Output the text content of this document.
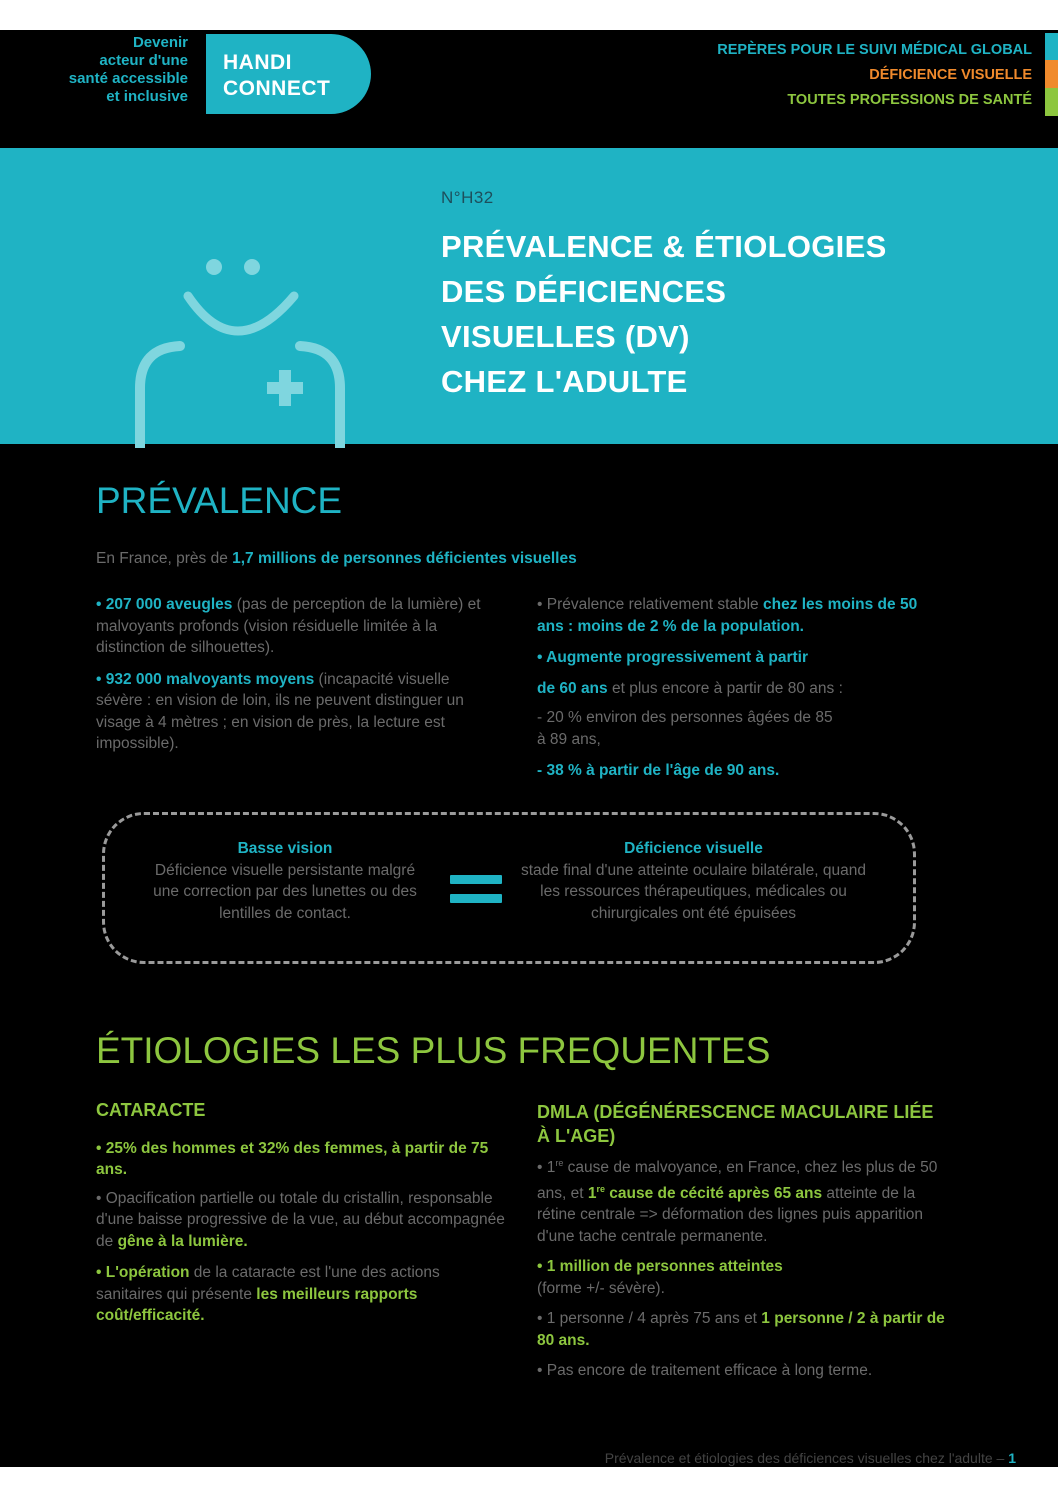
Devenir
acteur d'une
santé accessible
et inclusive
HANDI
CONNECT
REPÈRES POUR LE SUIVI MÉDICAL GLOBAL
DÉFICIENCE VISUELLE
TOUTES PROFESSIONS DE SANTÉ
N°H32
PRÉVALENCE & ÉTIOLOGIES
DES DÉFICIENCES
VISUELLES (DV)
CHEZ L'ADULTE
PRÉVALENCE
En France, près de 1,7 millions de personnes déficientes visuelles
• 207 000 aveugles (pas de perception de la lumière) et malvoyants profonds (vision résiduelle limitée à la distinction de silhouettes).
• 932 000 malvoyants moyens (incapacité visuelle sévère : en vision de loin, ils ne peuvent distinguer un visage à 4 mètres ; en vision de près, la lecture est impossible).
• Prévalence relativement stable chez les moins de 50 ans : moins de 2 % de la population.
• Augmente progressivement à partir
de 60 ans et plus encore à partir de 80 ans :
- 20 % environ des personnes âgées de 85 à 89 ans,
- 38 % à partir de l'âge de 90 ans.
Basse vision
Déficience visuelle persistante malgré une correction par des lunettes ou des lentilles de contact.
Déficience visuelle
stade final d'une atteinte oculaire bilatérale, quand les ressources thérapeutiques, médicales ou chirurgicales ont été épuisées
ÉTIOLOGIES LES PLUS FREQUENTES
CATARACTE
• 25% des hommes et 32% des femmes, à partir de 75 ans.
• Opacification partielle ou totale du cristallin, responsable d'une baisse progressive de la vue, au début accompagnée de gêne à la lumière.
• L'opération de la cataracte est l'une des actions sanitaires qui présente les meilleurs rapports coût/efficacité.
DMLA (DÉGÉNÉRESCENCE MACULAIRE LIÉE À L'AGE)
• 1re cause de malvoyance, en France, chez les plus de 50 ans, et 1re cause de cécité après 65 ans atteinte de la rétine centrale => déformation des lignes puis apparition d'une tache centrale permanente.
• 1 million de personnes atteintes
(forme +/- sévère).
• 1 personne / 4 après 75 ans et 1 personne / 2 à partir de 80 ans.
• Pas encore de traitement efficace à long terme.
Prévalence et étiologies des déficiences visuelles chez l'adulte – 1
